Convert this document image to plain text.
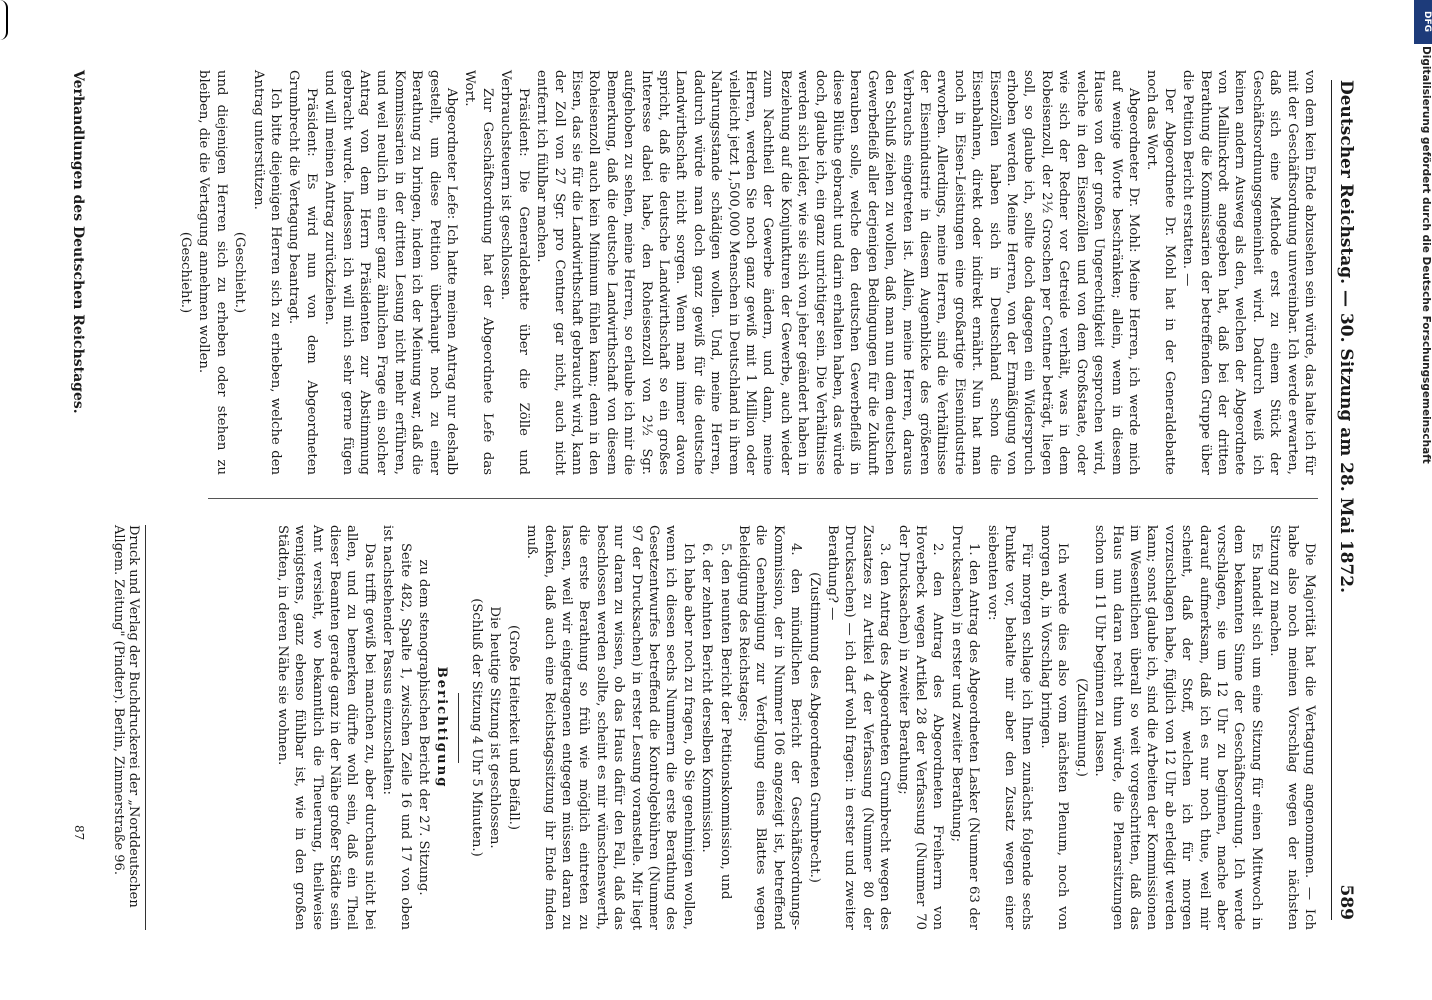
Deutscher Reichstag. — 30. Sitzung am 28. Mai 1872.
589

von dem kein Ende abzusehen sein würde, das halte ich für mit der Geschäftsordnung unvereinbar. Ich werde erwarten, daß sich eine Methode erst zu einem Stück der Geschäftsordnungsgemeinheit wird. Dadurch weiß ich keinen andern Ausweg als den, welchen der Abgeordnete von Mallinckrodt angegeben hat, daß bei der dritten Berathung die Kommissarien der betreffenden Gruppe über die Petition Bericht erstatten. —

Der Abgeordnete Dr. Mohl hat in der Generaldebatte noch das Wort.

Abgeordneter Dr. Mohl: Meine Herren, ich werde mich auf wenige Worte beschränken; allein, wenn in diesem Hause von der großen Ungerechtigkeit gesprochen wird, welche in den Eisenzöllen und von dem Großstaate, oder wie sich der Redner vor Getreide verhält, was in dem Robeisenzoll, der 2½ Groschen per Centner beträgt, liegen soll, so glaube ich, sollte doch dagegen ein Widerspruch erhoben werden. Meine Herren, von der Ermäßigung von Eisenzöllen haben sich in Deutschland schon die Eisenbahnen, direkt oder indirekt ernährt. Nun hat man noch in Eisen-Leistungen eine großartige Eisenindustrie erworben. Allerdings, meine Herren, sind die Verhältnisse der Eisenindustrie in diesem Augenblicke des größeren Verbrauchs eingetreten ist. Allein, meine Herren, daraus den Schluß ziehen zu wollen, daß man nun dem deutschen Gewerbefleiß aller derjenigen Bedingungen für die Zukunft berauben solle, welche den deutschen Gewerbefleiß in diese Blüthe gebracht und darin erhalten haben, das würde doch, glaube ich, ein ganz unrichtiger sein. Die Verhältnisse werden sich leider, wie sie sich von jeher geändert haben in Beziehung auf die Konjunkturen der Gewerbe, auch wieder zum Nachtheil der Gewerbe ändern, und dann, meine Herren, werden Sie noch ganz gewiß mit 1 Million oder vielleicht jetzt 1,500,000 Menschen in Deutschland in ihrem Nahrungsstande schädigen wollen. Und, meine Herren, dadurch würde man doch ganz gewiß für die deutsche Landwirthschaft nicht sorgen. Wenn man immer davon spricht, daß die deutsche Landwirthschaft so ein großes Interesse dabei habe, den Roheisenzoll von 2½ Sgr. aufgehoben zu sehen, meine Herren, so erlaube ich mir die Bemerkung, daß die deutsche Landwirthschaft von diesem Roheisenzoll auch kein Minimum fühlen kann; denn in den Eisen, das sie für die Landwirthschaft gebraucht wird, kann der Zoll von 27 Sgr. pro Centner gar nicht, auch nicht entfernt ich fühlbar machen.

Präsident: Die Generaldebatte über die Zölle und Verbrauchsteuern ist geschlossen.

Zur Geschäftsordnung hat der Abgeordnete Lefe das Wort.

Abgeordneter Lefe: Ich hatte meinen Antrag nur deshalb gestellt, um diese Petition überhaupt noch zu einer Berathung zu bringen, indem ich der Meinung war, daß die Kommissarien in der dritten Lesung nicht mehr erführen, und weil neulich in einer ganz ähnlichen Frage ein solcher Antrag von dem Herrn Präsidenten zur Abstimmung gebracht wurde. Indessen ich will mich sehr gerne fügen und will meinen Antrag zurückziehen.

Präsident: Es wird nun von dem Abgeordneten Grumbrecht die Vertagung beantragt.

Ich bitte diejenigen Herren sich zu erheben, welche den Antrag unterstützen.

(Geschieht.)

und diejenigen Herren sich zu erheben oder stehen zu bleiben, die die Vertagung annehmen wollen.

(Geschieht.)

Die Majorität hat die Vertagung angenommen. — Ich habe also noch meinen Vorschlag wegen der nächsten Sitzung zu machen.

Es handelt sich um eine Sitzung für einen Mittwoch in dem bekannten Sinne der Geschäftsordnung. Ich werde vorschlagen, sie um 12 Uhr zu beginnen, mache aber darauf aufmerksam, daß ich es nur noch thue, weil mir scheint, daß der Stoff, welchen ich für morgen vorzuschlagen habe, füglich von 12 Uhr ab erledigt werden kann; sonst glaube ich, sind die Arbeiten der Kommissionen im Wesentlichen überall so weit vorgeschritten, daß das Haus nun daran recht thun würde, die Plenarsitzungen schon um 11 Uhr beginnen zu lassen.

(Zustimmung.)

Ich werde dies also vom nächsten Plenum, noch von morgen ab, in Vorschlag bringen.

Für morgen schlage ich Ihnen zunächst folgende sechs Punkte vor, behalte mir aber den Zusatz wegen einer siebenten vor:

1. den Antrag des Abgeordneten Lasker (Nummer 63 der Drucksachen) in erster und zweiter Berathung;

2. den Antrag des Abgeordneten Freiherrn von Hoverbeck wegen Artikel 28 der Verfassung (Nummer 70 der Drucksachen) in zweiter Berathung;

3. den Antrag des Abgeordneten Grumbrecht wegen des Zusatzes zu Artikel 4 der Verfassung (Nummer 80 der Drucksachen) — ich darf wohl fragen: in erster und zweiter Berathung? —

(Zustimmung des Abgeordneten Grumbrecht.)

4. den mündlichen Bericht der Geschäftsordnungs-Kommission, der in Nummer 106 angezeigt ist, betreffend die Genehmigung zur Verfolgung eines Blattes wegen Beleidigung des Reichstages;

5. den neunten Bericht der Petitionskommission, und

6. der zehnten Bericht derselben Kommission.

Ich habe aber noch zu fragen, ob Sie genehmigen wollen, wenn ich diesen sechs Nummern die erste Berathung des Gesetzentwurfes betreffend die Kontrolgebühren (Nummer 97 der Drucksachen) in erster Lesung voranstelle. Mir liegt nur daran zu wissen, ob das Haus dafür den Fall, daß das beschlossen werden sollte, scheint es mir wünschenswerth, die erste Berathung so früh wie möglich eintreten zu lassen, weil wir eingetragenen entgegen müssen daran zu denken, daß auch eine Reichstagssitzung ihr Ende finden muß.

(Große Heiterkeit und Beifall.)

Die heutige Sitzung ist geschlossen.

(Schluß der Sitzung 4 Uhr 5 Minuten.)

Berichtigung

zu dem stenographischen Bericht der 27. Sitzung.

Seite 482, Spalte 1, zwischen Zeile 16 und 17 von oben ist nachstehender Passus einzuschalten:

Das trifft gewiß bei manchen zu, aber durchaus nicht bei allen, und zu bemerken dürfte wohl sein, daß ein Theil dieser Beamten gerade ganz in der Nähe großer Städte sein Amt versieht, wo bekanntlich die Theuerung, theilweise wenigstens, ganz ebenso fühlbar ist, wie in den großen Städten, in deren Nähe sie wohnen.

Verhandlungen des Deutschen Reichstages.
Druck und Verlag der Buchdruckerei der „Norddeutschen Allgem. Zeitung" (Pindter). Berlin, Zimmerstraße 96.
87
DFG
Digitalisierung gefördert durch die Deutsche Forschungsgemeinschaft
